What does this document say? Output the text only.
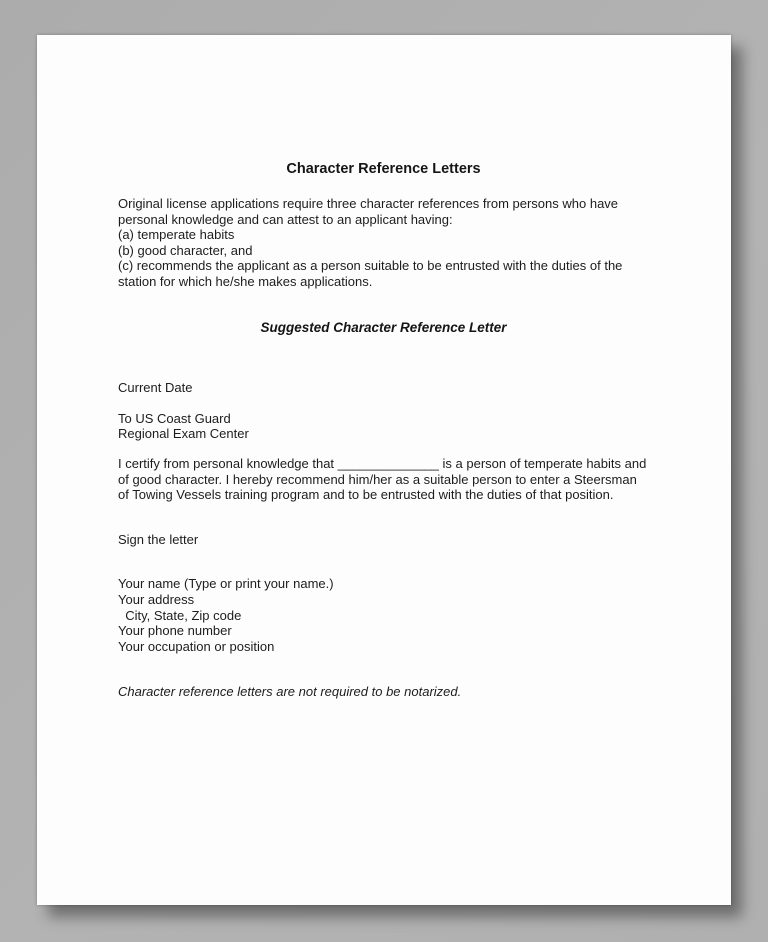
Character Reference Letters

Original license applications require three character references from persons who have personal knowledge and can attest to an applicant having:

(a) temperate habits
(b) good character, and
(c) recommends the applicant as a person suitable to be entrusted with the duties of the station for which he/she makes applications.
Suggested Character Reference Letter

Current Date

To US Coast Guard
Regional Exam Center

I certify from personal knowledge that ______________ is a person of temperate habits and of good character. I hereby recommend him/her as a suitable person to enter a Steersman of Towing Vessels training program and to be entrusted with the duties of that position.

Sign the letter

Your name (Type or print your name.)
Your address
City, State, Zip code
Your phone number
Your occupation or position

Character reference letters are not required to be notarized.
